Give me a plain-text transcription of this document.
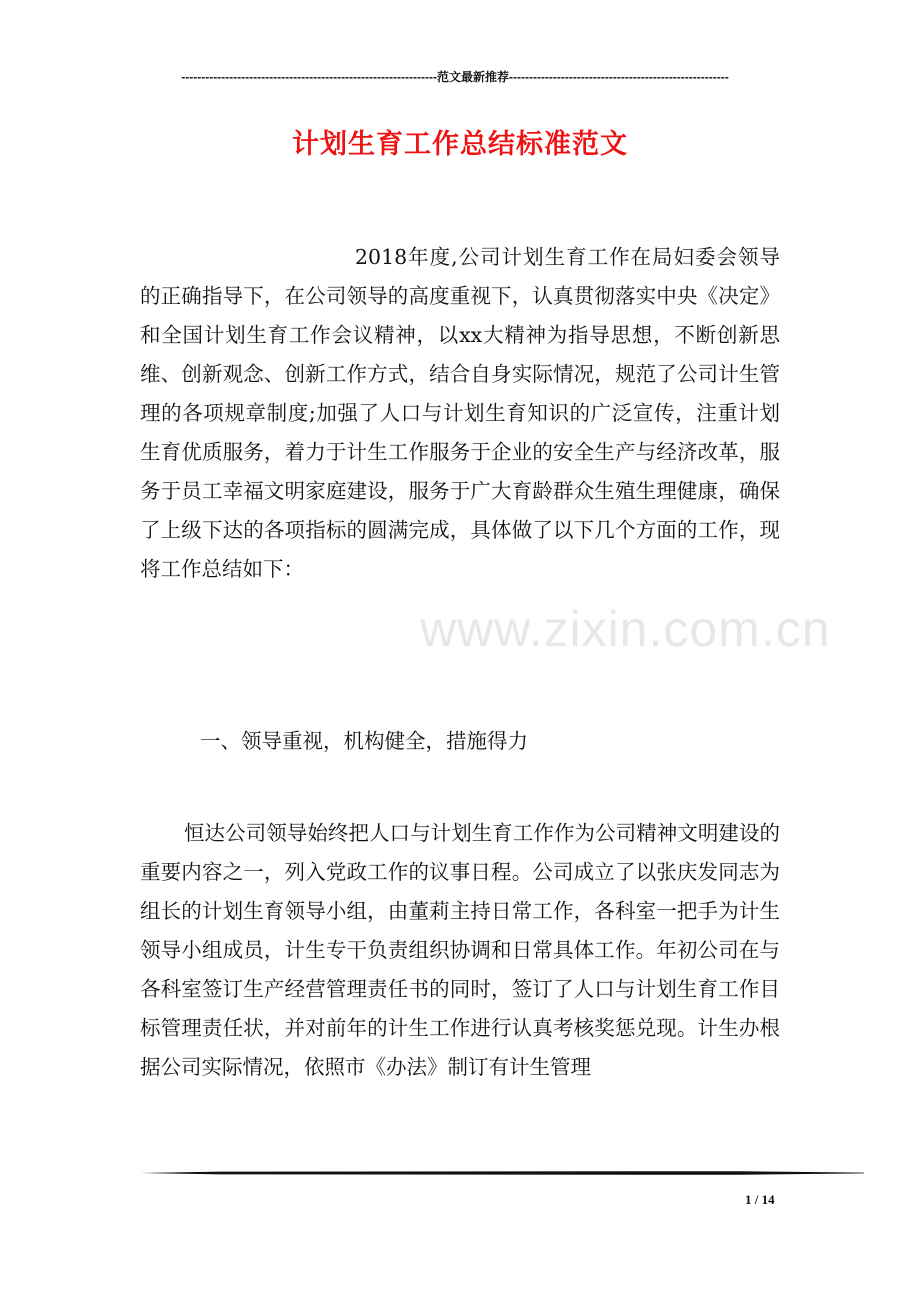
----------------------------------------------------------------范文最新推荐-------------------------------------------------------
计划生育工作总结标准范文
2018年度,公司计划生育工作在局妇委会领导的正确指导下，在公司领导的高度重视下，认真贯彻落实中央《决定》和全国计划生育工作会议精神，以xx大精神为指导思想，不断创新思维、创新观念、创新工作方式，结合自身实际情况，规范了公司计生管理的各项规章制度;加强了人口与计划生育知识的广泛宣传，注重计划生育优质服务，着力于计生工作服务于企业的安全生产与经济改革，服务于员工幸福文明家庭建设，服务于广大育龄群众生殖生理健康，确保了上级下达的各项指标的圆满完成，具体做了以下几个方面的工作，现将工作总结如下：
一、领导重视，机构健全，措施得力
恒达公司领导始终把人口与计划生育工作作为公司精神文明建设的重要内容之一，列入党政工作的议事日程。公司成立了以张庆发同志为组长的计划生育领导小组，由董莉主持日常工作，各科室一把手为计生领导小组成员，计生专干负责组织协调和日常具体工作。年初公司在与各科室签订生产经营管理责任书的同时，签订了人口与计划生育工作目标管理责任状，并对前年的计生工作进行认真考核奖惩兑现。计生办根据公司实际情况，依照市《办法》制订有计生管理
www.zixin.com.cn
1 / 14
